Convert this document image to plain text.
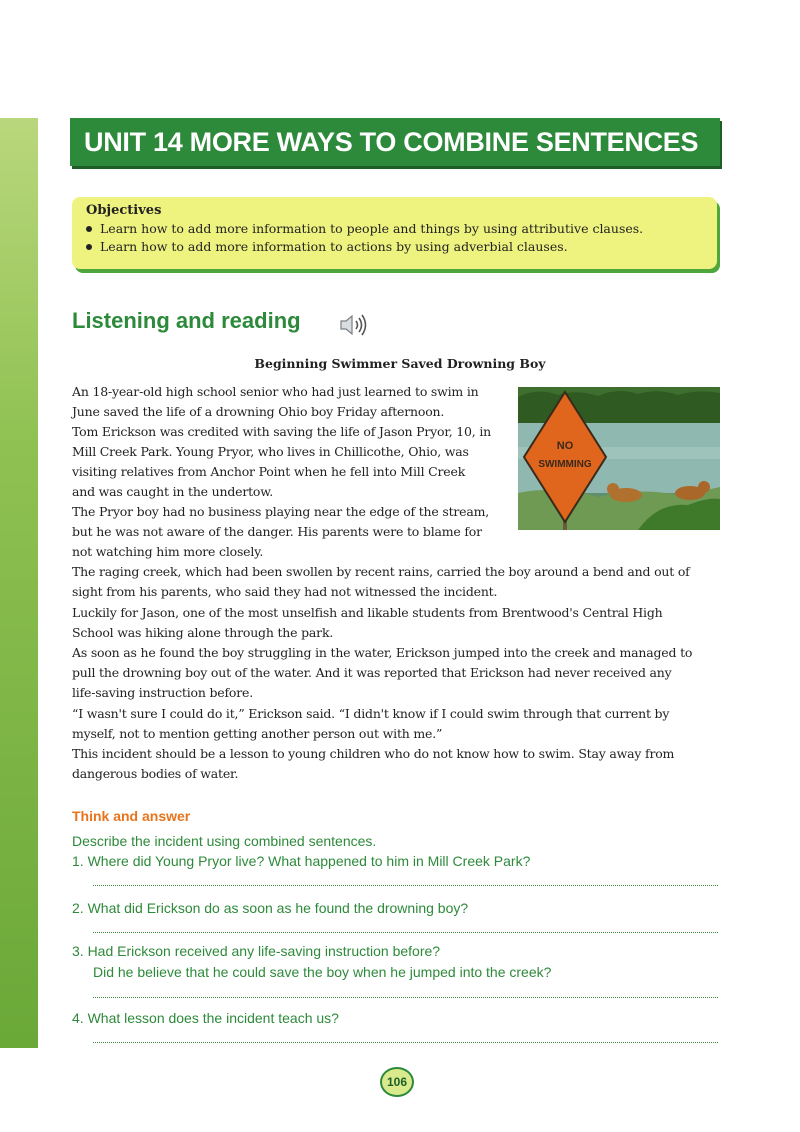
UNIT 14 MORE WAYS TO COMBINE SENTENCES
Objectives
Learn how to add more information to people and things by using attributive clauses.
Learn how to add more information to actions by using adverbial clauses.
Listening and reading
Beginning Swimmer Saved Drowning Boy

An 18-year-old high school senior who had just learned to swim in

June saved the life of a drowning Ohio boy Friday afternoon.

Tom Erickson was credited with saving the life of Jason Pryor, 10, in

Mill Creek Park. Young Pryor, who lives in Chillicothe, Ohio, was

visiting relatives from Anchor Point when he fell into Mill Creek

and was caught in the undertow.

The Pryor boy had no business playing near the edge of the stream,

but he was not aware of the danger. His parents were to blame for

not watching him more closely.

The raging creek, which had been swollen by recent rains, carried the boy around a bend and out of

sight from his parents, who said they had not witnessed the incident.

Luckily for Jason, one of the most unselfish and likable students from Brentwood's Central High

School was hiking alone through the park.

As soon as he found the boy struggling in the water, Erickson jumped into the creek and managed to

pull the drowning boy out of the water. And it was reported that Erickson had never received any

life-saving instruction before.

“I wasn't sure I could do it,” Erickson said. “I didn't know if I could swim through that current by

myself, not to mention getting another person out with me.”

This incident should be a lesson to young children who do not know how to swim. Stay away from

dangerous bodies of water.

NO
SWIMMING
Think and answer
Describe the incident using combined sentences.
1. Where did Young Pryor live? What happened to him in Mill Creek Park?
2. What did Erickson do as soon as he found the drowning boy?
3. Had Erickson received any life-saving instruction before?
Did he believe that he could save the boy when he jumped into the creek?
4. What lesson does the incident teach us?
106
